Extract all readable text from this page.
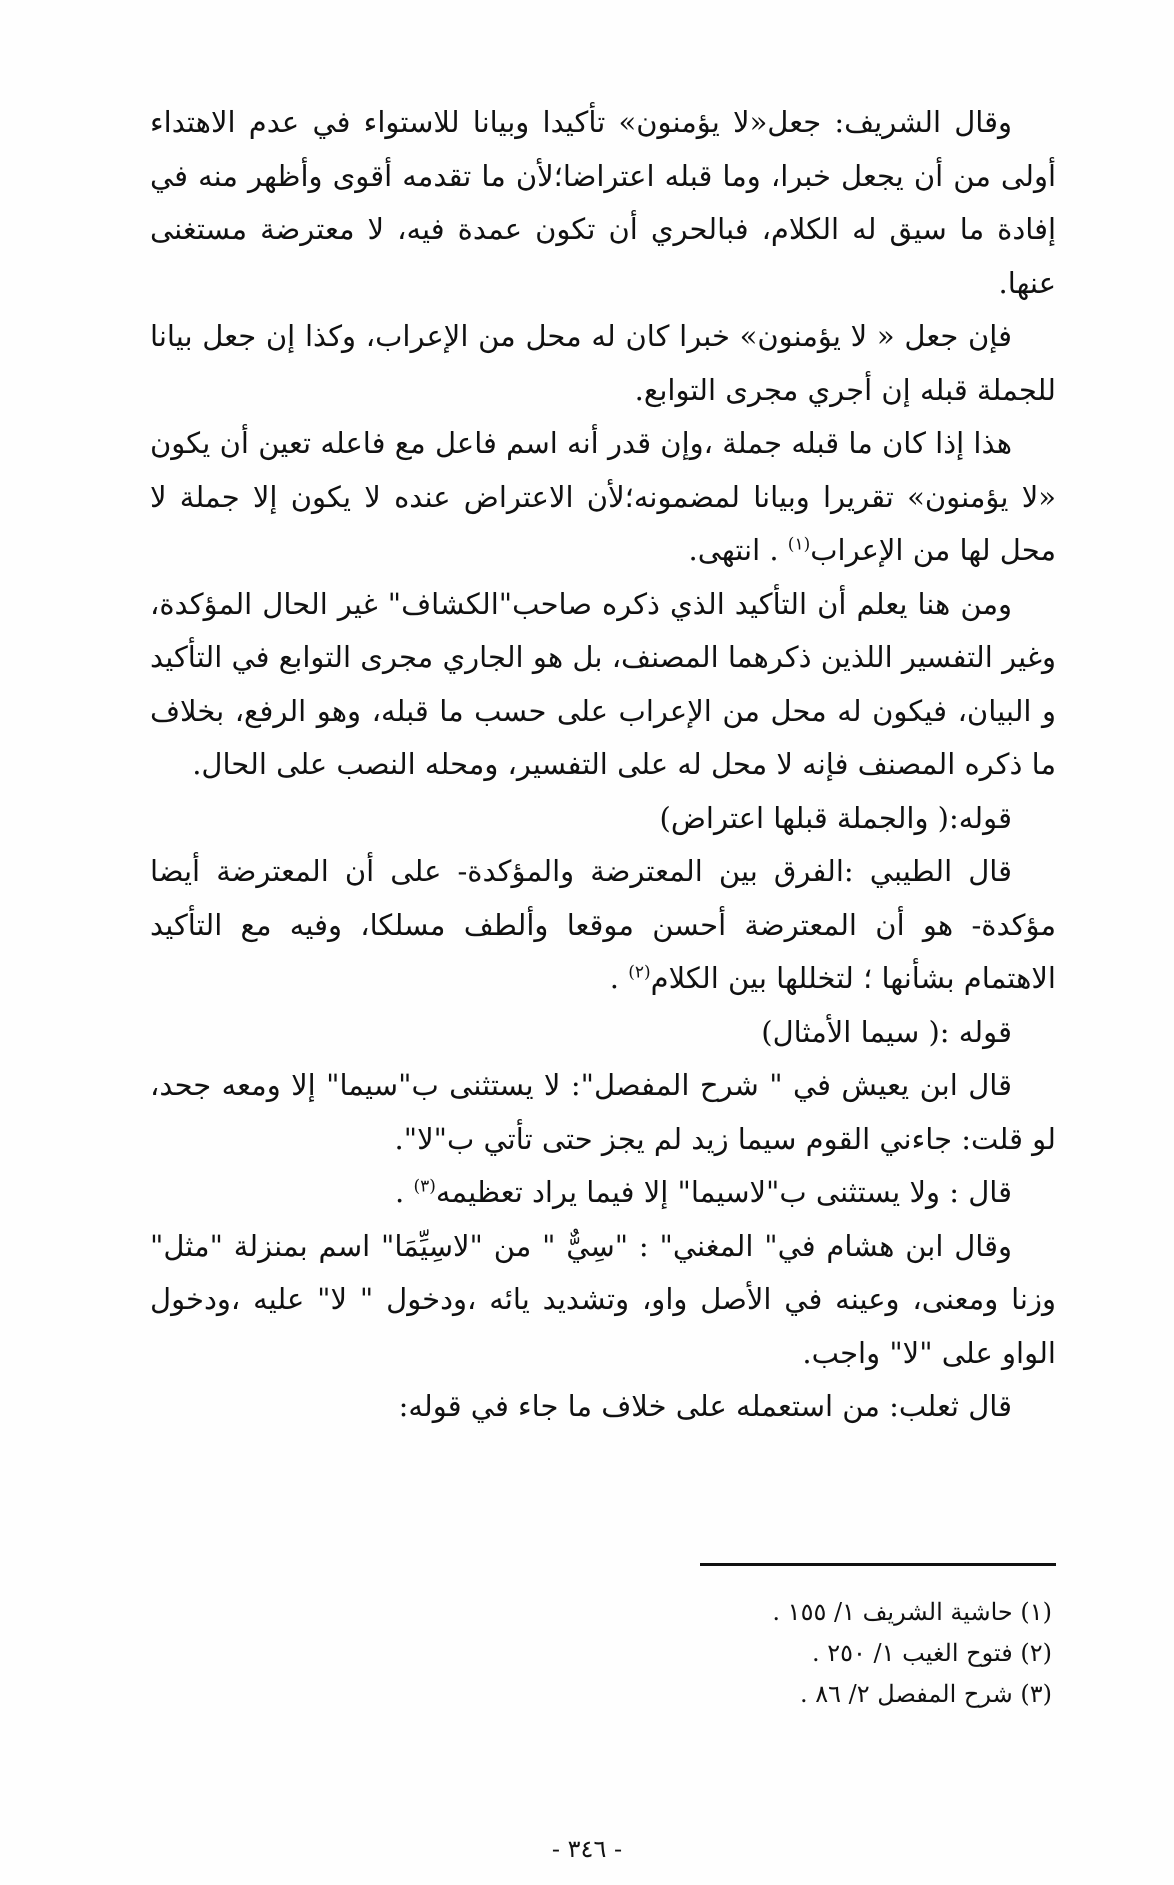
وقال الشريف: جعل«لا يؤمنون» تأكيدا وبيانا للاستواء في عدم الاهتداء أولى من أن يجعل خبرا، وما قبله اعتراضا؛لأن ما تقدمه أقوى وأظهر منه في إفادة ما سيق له الكلام، فبالحري أن تكون عمدة فيه، لا معترضة مستغنى عنها.

فإن جعل « لا يؤمنون» خبرا كان له محل من الإعراب، وكذا إن جعل بيانا للجملة قبله إن أجري مجرى التوابع.

هذا إذا كان ما قبله جملة ،وإن قدر أنه اسم فاعل مع فاعله تعين أن يكون «لا يؤمنون» تقريرا وبيانا لمضمونه؛لأن الاعتراض عنده لا يكون إلا جملة لا محل لها من الإعراب$^{(١)}$ . انتهى.

ومن هنا يعلم أن التأكيد الذي ذكره صاحب"الكشاف" غير الحال المؤكدة، وغير التفسير اللذين ذكرهما المصنف، بل هو الجاري مجرى التوابع في التأكيد و البيان، فيكون له محل من الإعراب على حسب ما قبله، وهو الرفع، بخلاف ما ذكره المصنف فإنه لا محل له على التفسير، ومحله النصب على الحال.

قوله:( والجملة قبلها اعتراض)

قال الطيبي :الفرق بين المعترضة والمؤكدة- على أن المعترضة أيضا مؤكدة- هو أن المعترضة أحسن موقعا وألطف مسلكا، وفيه مع التأكيد الاهتمام بشأنها ؛ لتخللها بين الكلام$^{(٢)}$ .

قوله :( سيما الأمثال)

قال ابن يعيش في " شرح المفصل": لا يستثنى ب"سيما" إلا ومعه جحد، لو قلت: جاءني القوم سيما زيد لم يجز حتى تأتي ب"لا".

قال : ولا يستثنى ب"لاسيما" إلا فيما يراد تعظيمه$^{(٣)}$ .

وقال ابن هشام في" المغني" : "سِيٌّ " من "لاسِيِّمَا" اسم بمنزلة "مثل" وزنا ومعنى، وعينه في الأصل واو، وتشديد يائه ،ودخول " لا" عليه ،ودخول الواو على "لا" واجب.

قال ثعلب: من استعمله على خلاف ما جاء في قوله:

(١) حاشية الشريف ١/ ١٥٥ .

(٢) فتوح الغيب ١/ ٢٥٠ .

(٣) شرح المفصل ٢/ ٨٦ .

- ٣٤٦ -
